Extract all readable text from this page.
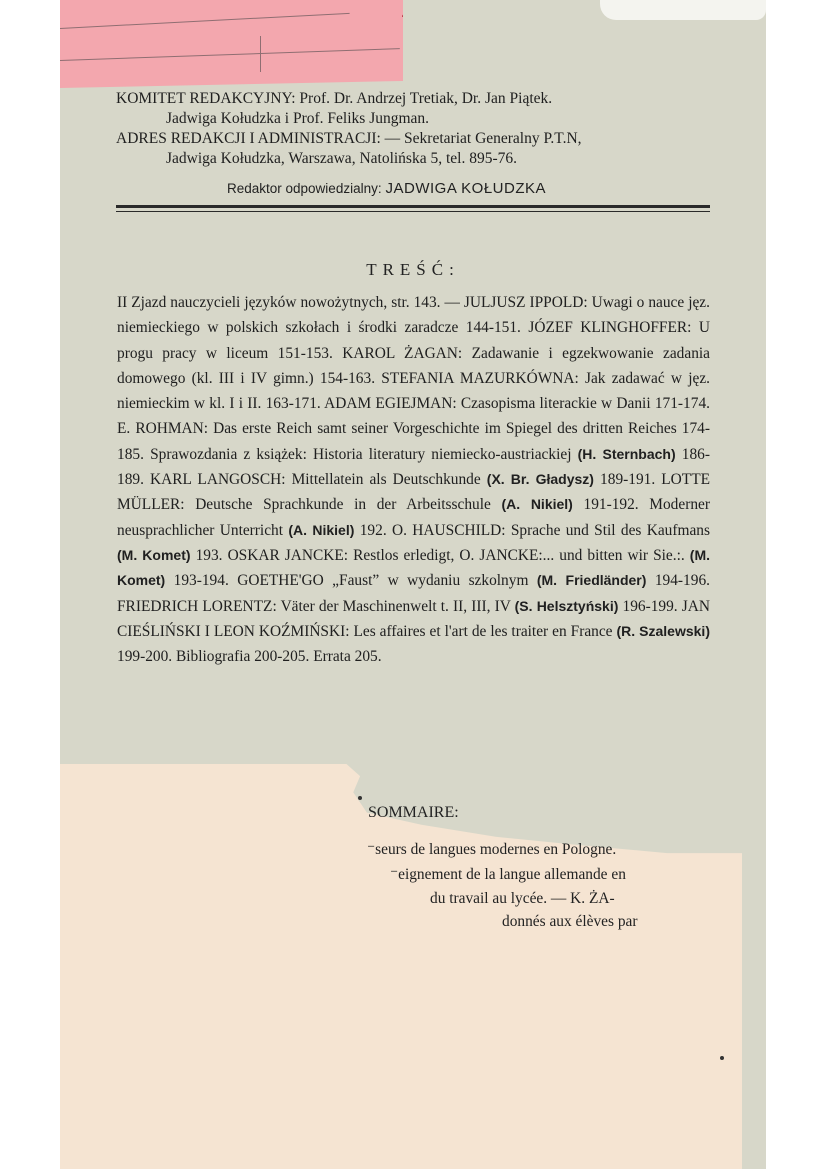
KOMITET REDAKCYJNY: Prof. Dr. Andrzej Tretiak, Dr. Jan Piątek.
Jadwiga Kołudzka i Prof. Feliks Jungman.
ADRES REDAKCJI I ADMINISTRACJI: — Sekretariat Generalny P.T.N,
Jadwiga Kołudzka, Warszawa, Natolińska 5, tel. 895-76.
Redaktor odpowiedzialny: JADWIGA KOŁUDZKA
TREŚĆ:
II Zjazd nauczycieli języków nowożytnych, str. 143. — JULJUSZ IPPOLD: Uwagi o nauce jęz. niemieckiego w polskich szkołach i środki zaradcze 144-151. JÓZEF KLINGHOFFER: U progu pracy w liceum 151-153. KAROL ŻAGAN: Zadawanie i egzekwowanie zadania domowego (kl. III i IV gimn.) 154-163. STEFANIA MAZURKÓWNA: Jak zadawać w jęz. niemieckim w kl. I i II. 163-171. ADAM EGIEJMAN: Czasopisma literackie w Danii 171-174. E. ROHMAN: Das erste Reich samt seiner Vorgeschichte im Spiegel des dritten Reiches 174-185. Sprawozdania z książek: Historia literatury niemiecko-austriackiej (H. Sternbach) 186-189. KARL LANGOSCH: Mittellatein als Deutschkunde (X. Br. Gładysz) 189-191. LOTTE MÜLLER: Deutsche Sprachkunde in der Arbeitsschule (A. Nikiel) 191-192. Moderner neusprachlicher Unterricht (A. Nikiel) 192. O. HAUSCHILD: Sprache und Stil des Kaufmans (M. Komet) 193. OSKAR JANCKE: Restlos erledigt, O. JANCKE:... und bitten wir Sie.:. (M. Komet) 193-194. GOETHE'GO „Faust” w wydaniu szkolnym (M. Friedländer) 194-196. FRIEDRICH LORENTZ: Väter der Maschinenwelt t. II, III, IV (S. Helsztyński) 196-199. JAN CIEŚLIŃSKI I LEON KOŹMIŃSKI: Les affaires et l'art de les traiter en France (R. Szalewski) 199-200. Bibliografia 200-205. Errata 205.
SOMMAIRE:
⁻seurs de langues modernes en Pologne.
⁻eignement de la langue allemande en
du travail au lycée. — K. ŻA-
donnés aux élèves par
